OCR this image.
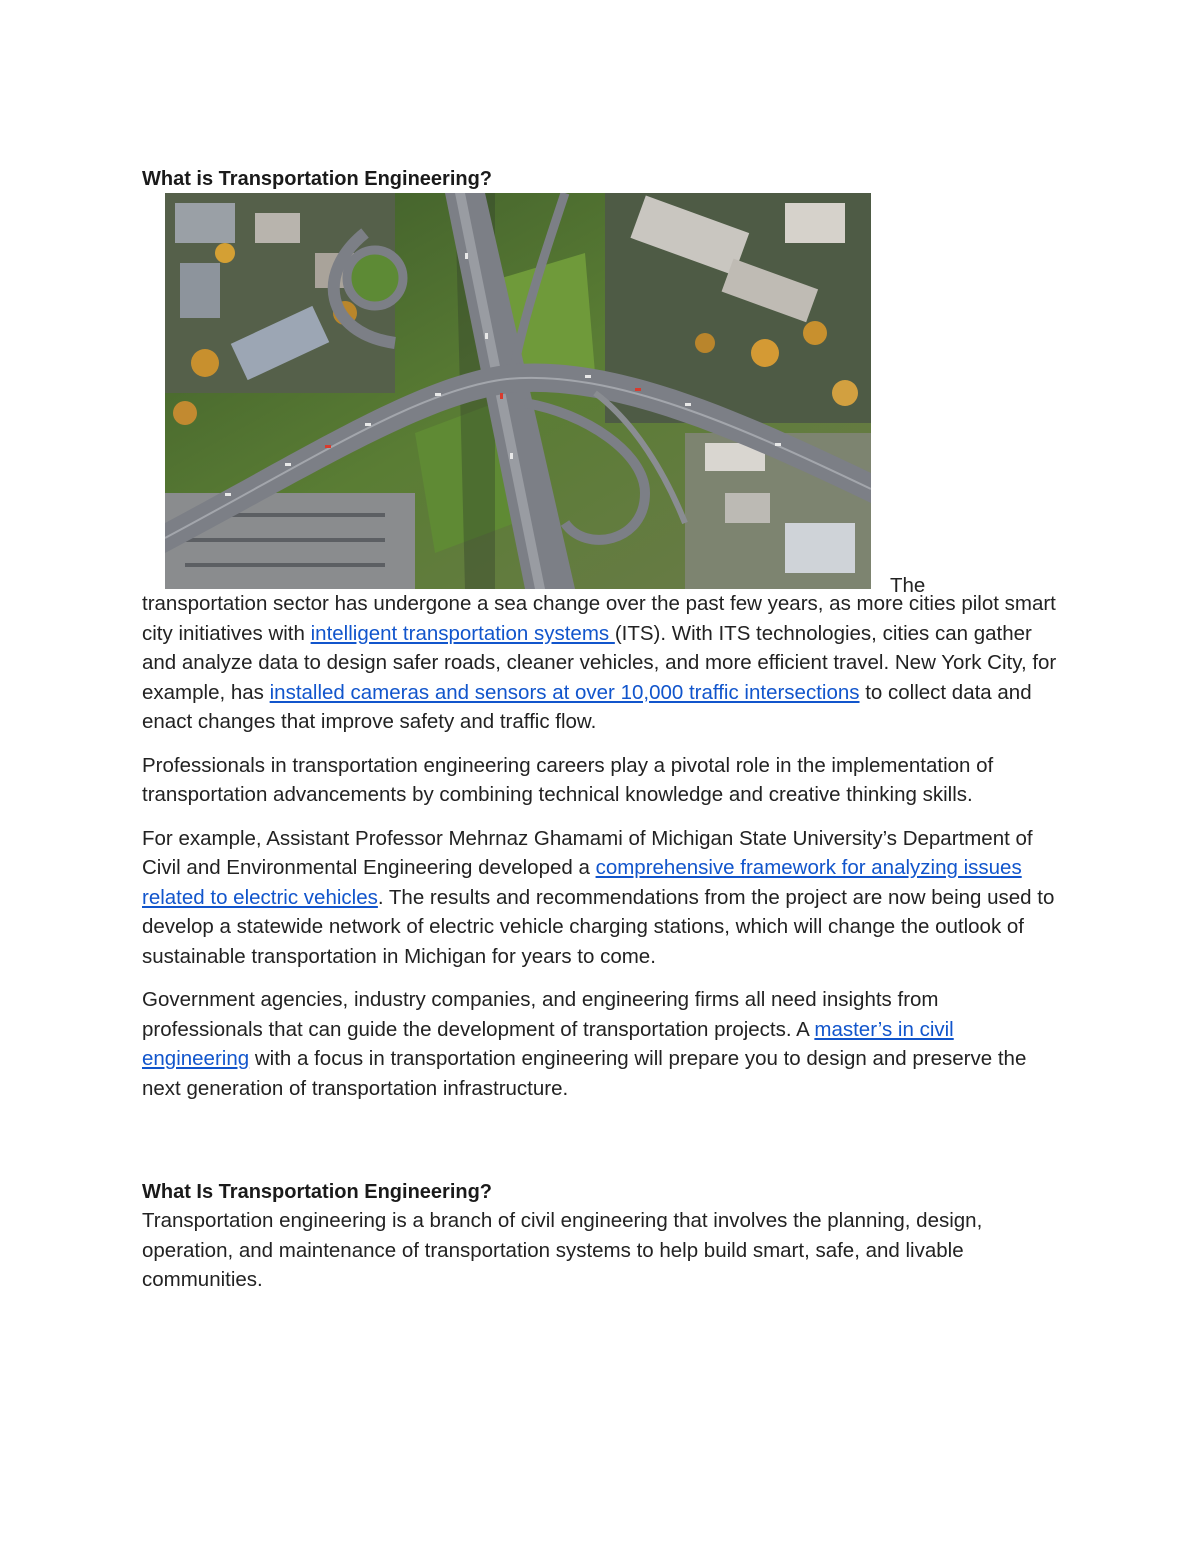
What is Transportation Engineering?
The

transportation sector has undergone a sea change over the past few years, as more cities pilot smart city initiatives with intelligent transportation systems (ITS). With ITS technologies, cities can gather and analyze data to design safer roads, cleaner vehicles, and more efficient travel. New York City, for example, has installed cameras and sensors at over 10,000 traffic intersections to collect data and enact changes that improve safety and traffic flow.

Professionals in transportation engineering careers play a pivotal role in the implementation of transportation advancements by combining technical knowledge and creative thinking skills.

For example, Assistant Professor Mehrnaz Ghamami of Michigan State University’s Department of Civil and Environmental Engineering developed a comprehensive framework for analyzing issues related to electric vehicles. The results and recommendations from the project are now being used to develop a statewide network of electric vehicle charging stations, which will change the outlook of sustainable transportation in Michigan for years to come.

Government agencies, industry companies, and engineering firms all need insights from professionals that can guide the development of transportation projects. A master’s in civil engineering with a focus in transportation engineering will prepare you to design and preserve the next generation of transportation infrastructure.

What Is Transportation Engineering?

Transportation engineering is a branch of civil engineering that involves the planning, design, operation, and maintenance of transportation systems to help build smart, safe, and livable communities.
